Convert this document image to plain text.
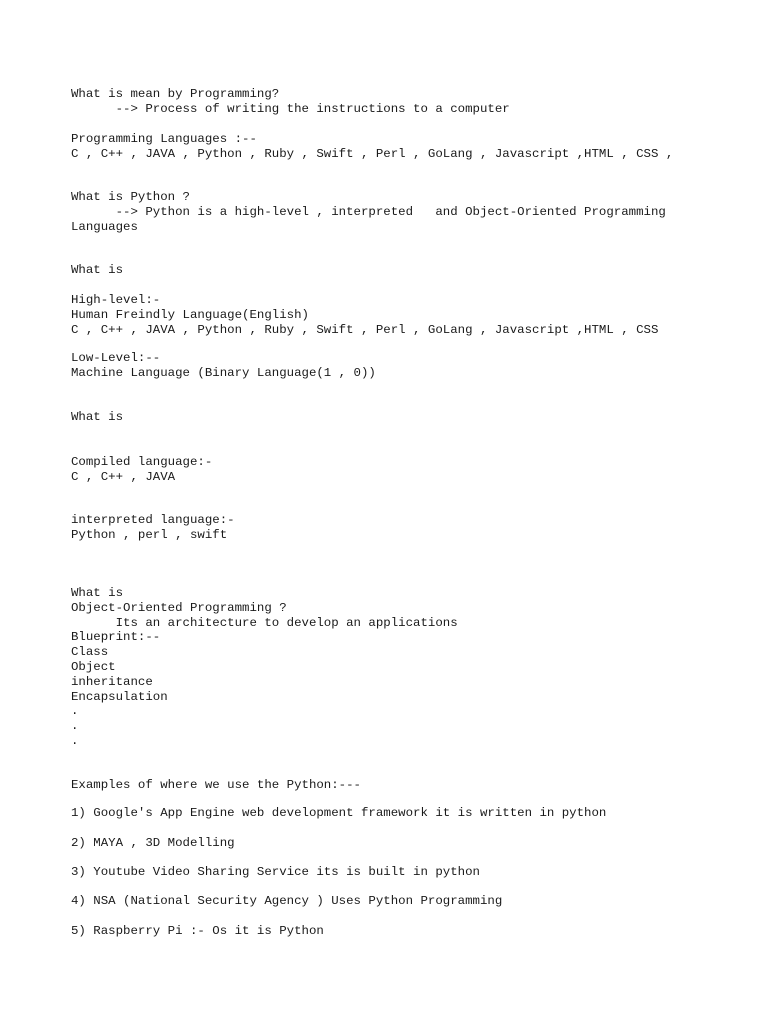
What is mean by Programming?

--> Process of writing the instructions to a computer

Programming Languages :--

C , C++ , JAVA , Python , Ruby , Swift , Perl , GoLang , Javascript ,HTML , CSS ,

What is Python ?

--> Python is a high-level , interpreted   and Object-Oriented Programming

Languages

What is

High-level:-

Human Freindly Language(English)

C , C++ , JAVA , Python , Ruby , Swift , Perl , GoLang , Javascript ,HTML , CSS

Low-Level:--

Machine Language (Binary Language(1 , 0))

What is

Compiled language:-

C , C++ , JAVA

interpreted language:-

Python , perl , swift

What is

Object-Oriented Programming ?

Its an architecture to develop an applications

Blueprint:--

Class

Object

inheritance

Encapsulation

.

.

.

Examples of where we use the Python:---

1) Google's App Engine web development framework it is written in python

2) MAYA , 3D Modelling

3) Youtube Video Sharing Service its is built in python

4) NSA (National Security Agency ) Uses Python Programming

5) Raspberry Pi :- Os it is Python
